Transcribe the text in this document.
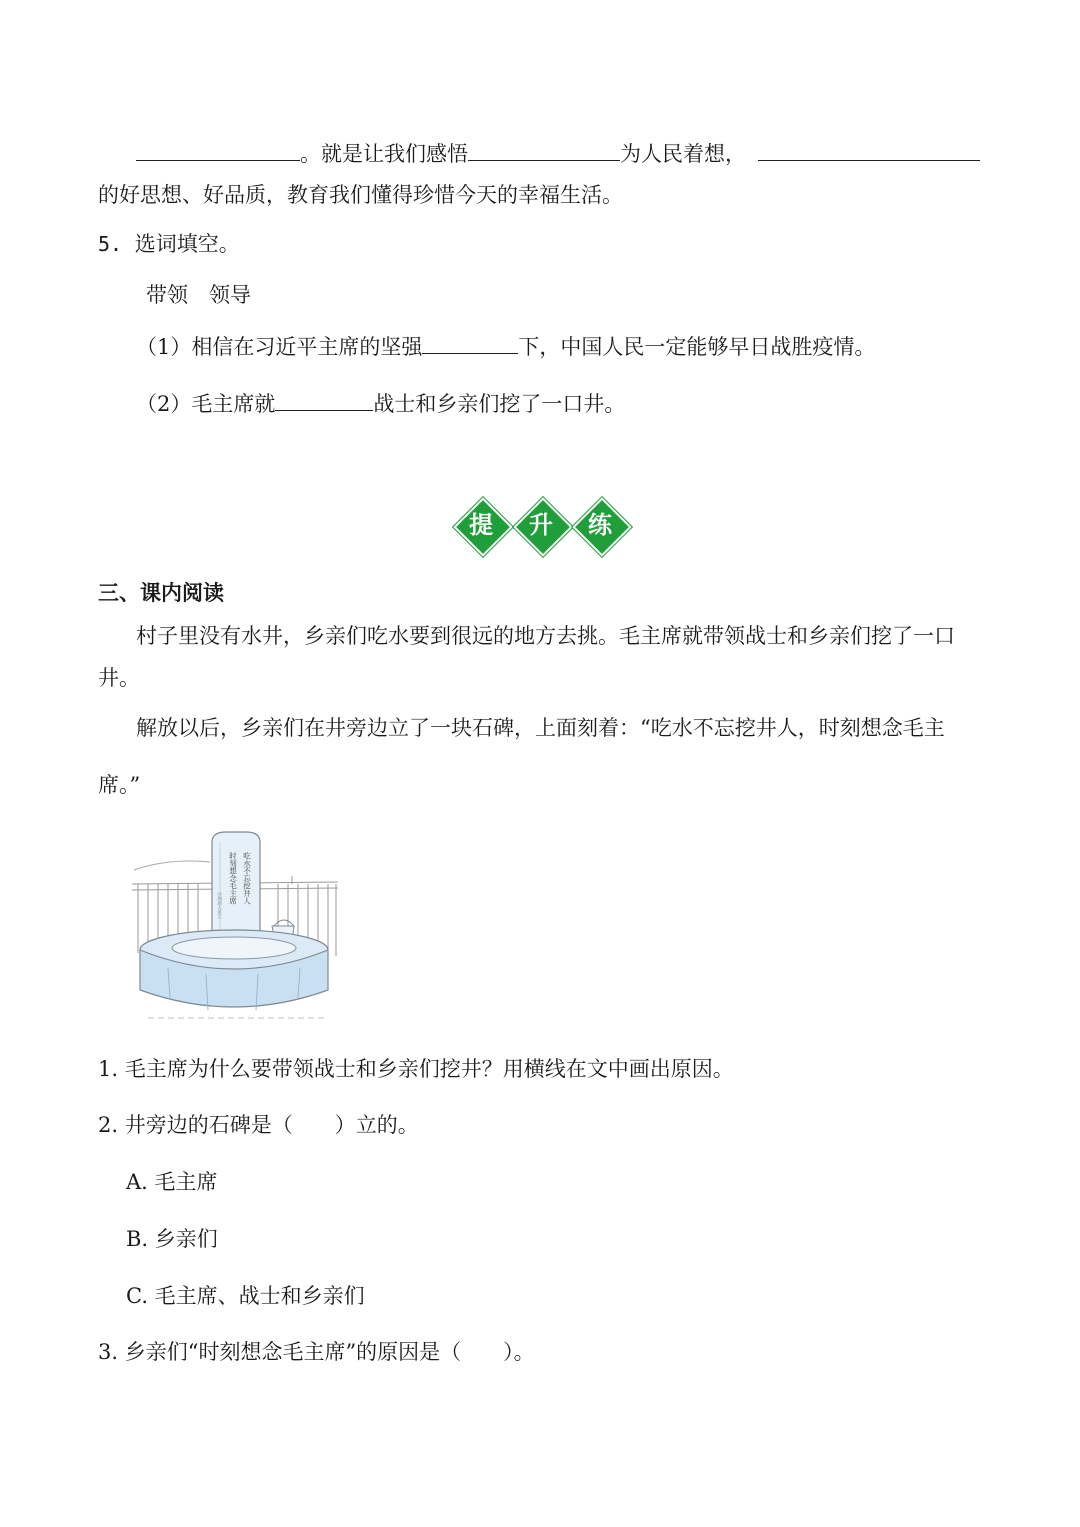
。就是让我们感悟	为人民着想，
的好思想、好品质，教育我们懂得珍惜今天的幸福生活。
5. 选词填空。
带领　领导
（1）相信在习近平主席的坚强	下，中国人民一定能够早日战胜疫情。
（2）毛主席就	战士和乡亲们挖了一口井。
提	升	练
三、课内阅读
村子里没有水井，乡亲们吃水要到很远的地方去挑。毛主席就带领战士和乡亲们挖了一口
井。
解放以后，乡亲们在井旁边立了一块石碑，上面刻着：“吃水不忘挖井人，时刻想念毛主
席。”
吃水不忘挖井人
时刻想念毛主席
沙洲坝人民立
1. 毛主席为什么要带领战士和乡亲们挖井？用横线在文中画出原因。
2. 井旁边的石碑是（　　）立的。
A. 毛主席
B. 乡亲们
C. 毛主席、战士和乡亲们
3. 乡亲们“时刻想念毛主席”的原因是（　　）。
